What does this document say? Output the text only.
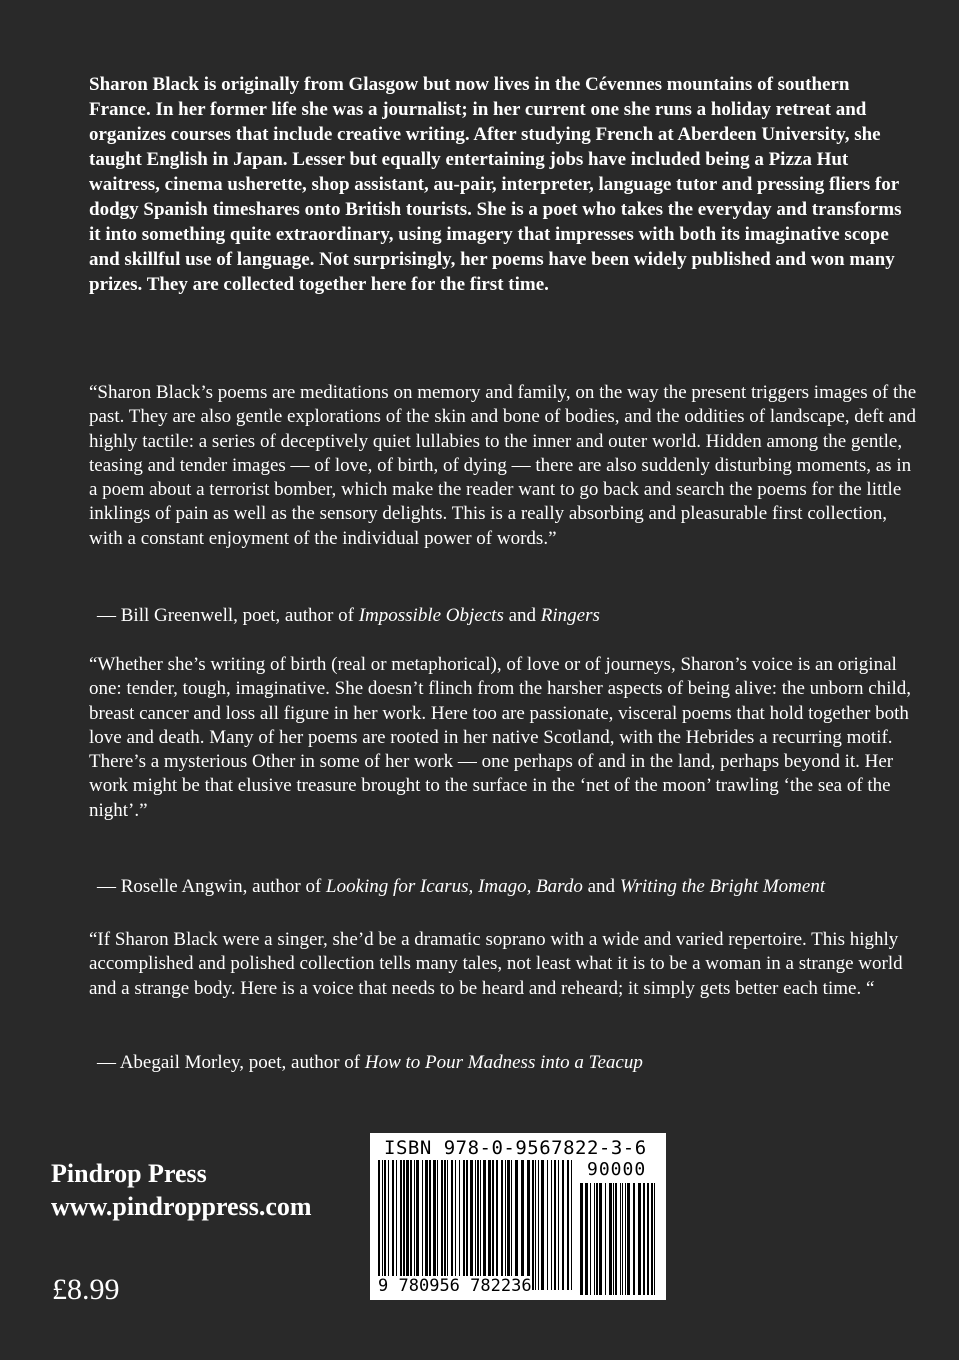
Sharon Black is originally from Glasgow but now lives in the Cévennes mountains of southern France. In her former life she was a journalist; in her current one she runs a holiday retreat and organizes courses that include creative writing. After studying French at Aberdeen University, she taught English in Japan. Lesser but equally entertaining jobs have included being a Pizza Hut waitress, cinema usherette, shop assistant, au-pair, interpreter, language tutor and pressing fliers for dodgy Spanish timeshares onto British tourists. She is a poet who takes the everyday and transforms it into something quite extraordinary, using imagery that impresses with both its imaginative scope and skillful use of language. Not surprisingly, her poems have been widely published and won many prizes. They are collected together here for the first time.

“Sharon Black’s poems are meditations on memory and family, on the way the present triggers images of the past. They are also gentle explorations of the skin and bone of bodies, and the oddities of landscape, deft and highly tactile: a series of deceptively quiet lullabies to the inner and outer world. Hidden among the gentle, teasing and tender images — of love, of birth, of dying — there are also suddenly disturbing moments, as in a poem about a terrorist bomber, which make the reader want to go back and search the poems for the little inklings of pain as well as the sensory delights. This is a really absorbing and pleasurable first collection, with a constant enjoyment of the individual power of words.”

— Bill Greenwell, poet, author of Impossible Objects and Ringers

“Whether she’s writing of birth (real or metaphorical), of love or of journeys, Sharon’s voice is an original one: tender, tough, imaginative. She doesn’t flinch from the harsher aspects of being alive: the unborn child, breast cancer and loss all figure in her work. Here too are passionate, visceral poems that hold together both love and death. Many of her poems are rooted in her native Scotland, with the Hebrides a recurring motif. There’s a mysterious Other in some of her work — one perhaps of and in the land, perhaps beyond it. Her work might be that elusive treasure brought to the surface in the ‘net of the moon’ trawling ‘the sea of the night’.”

— Roselle Angwin, author of Looking for Icarus, Imago, Bardo and Writing the Bright Moment

“If Sharon Black were a singer, she’d be a dramatic soprano with a wide and varied repertoire. This highly accomplished and polished collection tells many tales, not least what it is to be a woman in a strange world and a strange body. Here is a voice that needs to be heard and reheard; it simply gets better each time. “

— Abegail Morley, poet, author of How to Pour Madness into a Teacup

Pindrop Press
www.pindroppress.com
£8.99
ISBN 978-0-9567822-3-6
90000
9 780956 782236
